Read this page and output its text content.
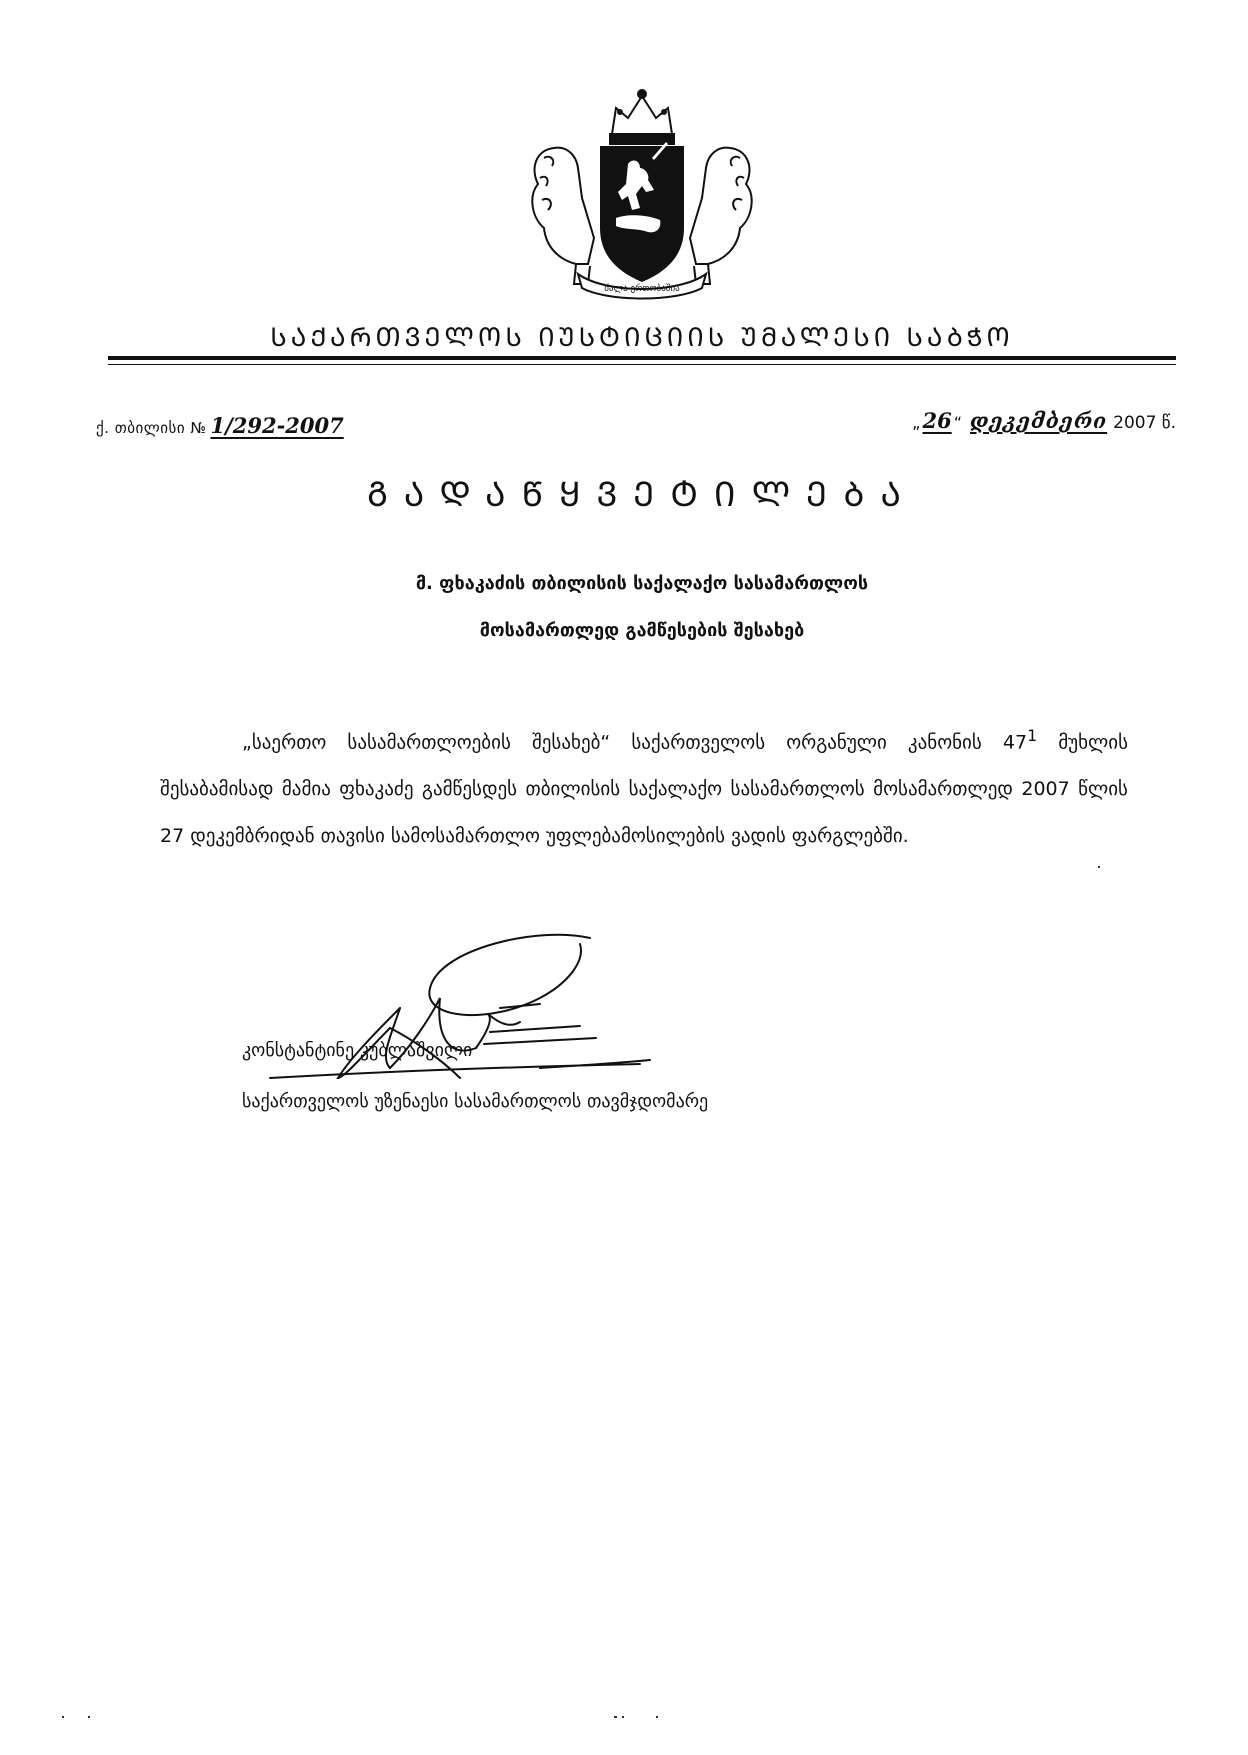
ძალა ერთობაშია
ᲡᲐᲥᲐᲠᲗᲕᲔᲚᲝᲡ ᲘᲣᲡᲢᲘᲪᲘᲘᲡ ᲣᲛᲐᲚᲔᲡᲘ ᲡᲐᲑᲭᲝ
ქ. თბილისი № 1/292-2007	„26 “ დეკემბერი 2007 წ.
ᲒᲐᲓᲐᲬᲧᲕᲔᲢᲘᲚᲔᲑᲐ
მ. ფხაკაძის თბილისის საქალაქო სასამართლოს
მოსამართლედ გამწესების შესახებ
„საერთო სასამართლოების შესახებ“ საქართველოს ორგანული კანონის $47^1$ მუხლის შესაბამისად მამია ფხაკაძე გამწესდეს თბილისის საქალაქო სასამართლოს მოსამართლედ 2007 წლის 27 დეკემბრიდან თავისი სამოსამართლო უფლებამოსილების ვადის ფარგლებში.
კონსტანტინე კუბლაშვილი
საქართველოს უზენაესი სასამართლოს თავმჯდომარე
